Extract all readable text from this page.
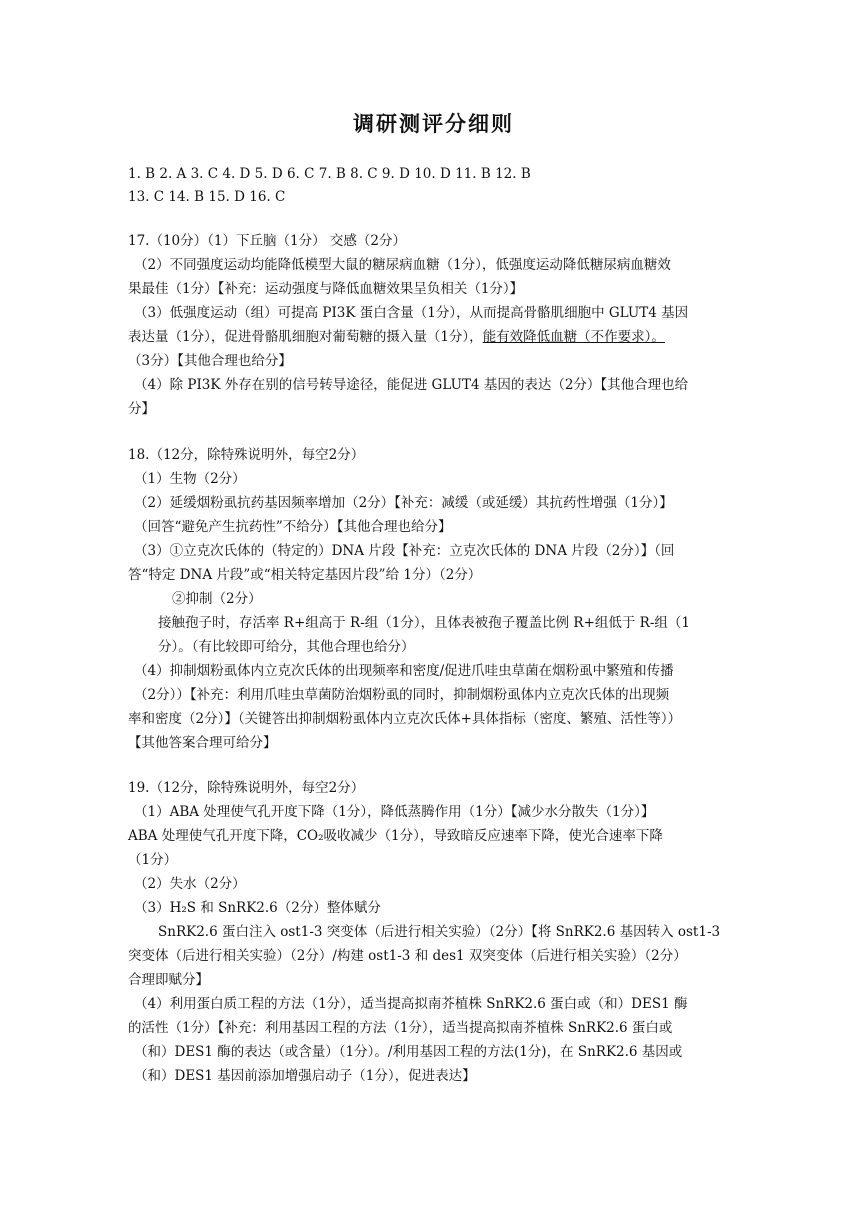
调研测评分细则
1. B 2. A 3. C 4. D 5. D 6. C 7. B 8. C 9. D 10. D 11. B 12. B
13. C 14. B 15. D 16. C
17.（10分）（1）下丘脑（1分） 交感（2分）
（2）不同强度运动均能降低模型大鼠的糖尿病血糖（1分），低强度运动降低糖尿病血糖效
果最佳（1分）【补充：运动强度与降低血糖效果呈负相关（1分）】
（3）低强度运动（组）可提高 PI3K 蛋白含量（1分），从而提高骨骼肌细胞中 GLUT4 基因
表达量（1分），促进骨骼肌细胞对葡萄糖的摄入量（1分），能有效降低血糖（不作要求）。
（3分）【其他合理也给分】
（4）除 PI3K 外存在别的信号转导途径，能促进 GLUT4 基因的表达（2分）【其他合理也给
分】
18.（12分，除特殊说明外，每空2分）
（1）生物（2分）
（2）延缓烟粉虱抗药基因频率增加（2分）【补充：减缓（或延缓）其抗药性增强（1分）】
（回答“避免产生抗药性”不给分）【其他合理也给分】
（3）①立克次氏体的（特定的）DNA 片段【补充：立克次氏体的 DNA 片段（2分）】（回
答“特定 DNA 片段”或“相关特定基因片段”给 1分）（2分）
②抑制（2分）
接触孢子时，存活率 R+组高于 R-组（1分），且体表被孢子覆盖比例 R+组低于 R-组（1
分）。（有比较即可给分，其他合理也给分）
（4）抑制烟粉虱体内立克次氏体的出现频率和密度/促进爪哇虫草菌在烟粉虱中繁殖和传播
（2分））【补充：利用爪哇虫草菌防治烟粉虱的同时，抑制烟粉虱体内立克次氏体的出现频
率和密度（2分）】（关键答出抑制烟粉虱体内立克次氏体+具体指标（密度、繁殖、活性等））
【其他答案合理可给分】
19.（12分，除特殊说明外，每空2分）
（1）ABA 处理使气孔开度下降（1分），降低蒸腾作用（1分）【减少水分散失（1分）】
ABA 处理使气孔开度下降，CO₂吸收减少（1分），导致暗反应速率下降，使光合速率下降
（1分）
（2）失水（2分）
（3）H₂S 和 SnRK2.6（2分）整体赋分
SnRK2.6 蛋白注入 ost1-3 突变体（后进行相关实验）（2分）【将 SnRK2.6 基因转入 ost1-3
突变体（后进行相关实验）（2分）/构建 ost1-3 和 des1 双突变体（后进行相关实验）（2分）
合理即赋分】
（4）利用蛋白质工程的方法（1分），适当提高拟南芥植株 SnRK2.6 蛋白或（和）DES1 酶
的活性（1分）【补充：利用基因工程的方法（1分），适当提高拟南芥植株 SnRK2.6 蛋白或
（和）DES1 酶的表达（或含量）（1分）。/利用基因工程的方法(1分)，在 SnRK2.6 基因或
（和）DES1 基因前添加增强启动子（1分），促进表达】
